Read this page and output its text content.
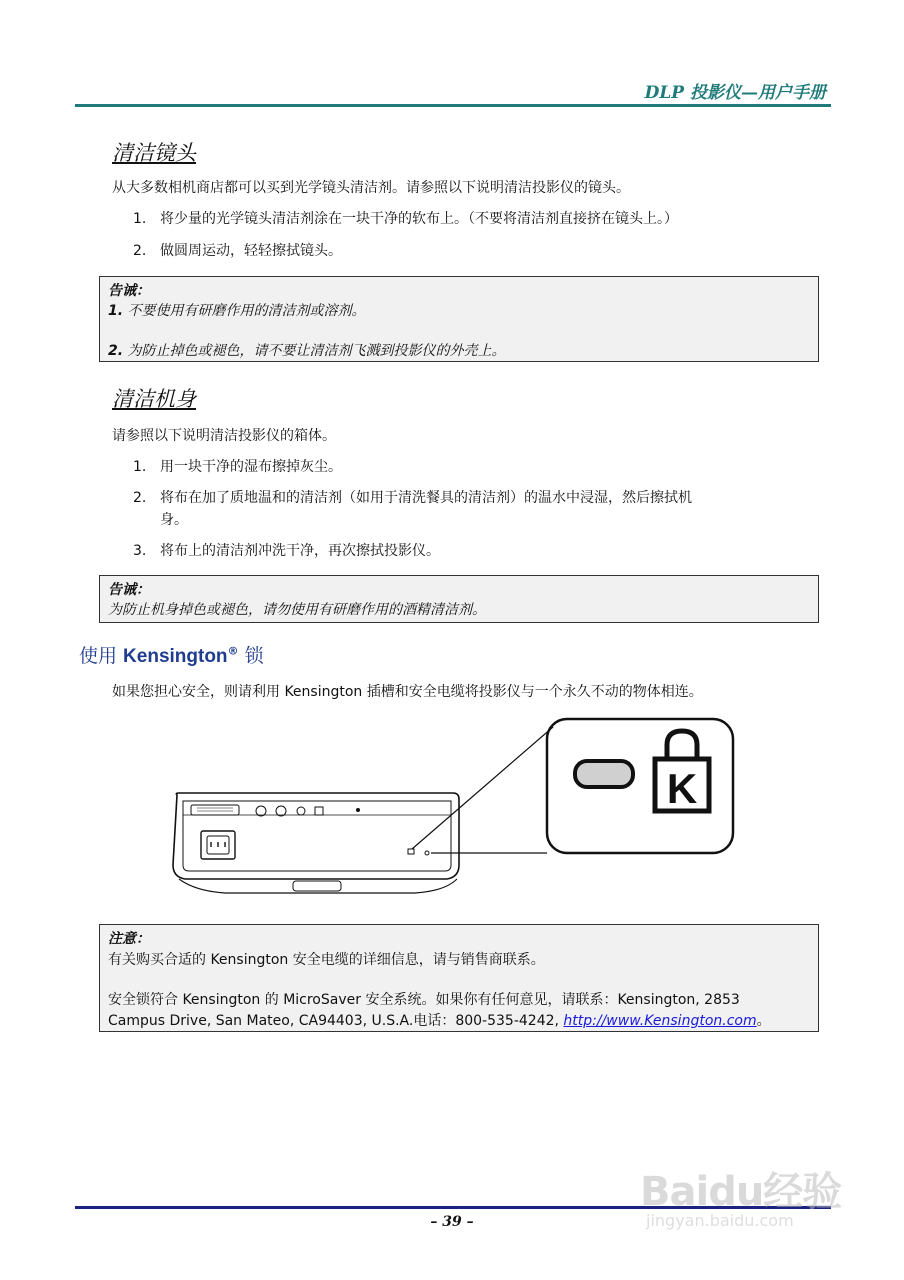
DLP 投影仪—用户手册
清洁镜头
从大多数相机商店都可以买到光学镜头清洁剂。请参照以下说明清洁投影仪的镜头。
1. 将少量的光学镜头清洁剂涂在一块干净的软布上。（不要将清洁剂直接挤在镜头上。）
2. 做圆周运动，轻轻擦拭镜头。
告诫：
1. 不要使用有研磨作用的清洁剂或溶剂。
2. 为防止掉色或褪色，请不要让清洁剂飞溅到投影仪的外壳上。
清洁机身
请参照以下说明清洁投影仪的箱体。
1. 用一块干净的湿布擦掉灰尘。
2. 将布在加了质地温和的清洁剂（如用于清洗餐具的清洁剂）的温水中浸湿，然后擦拭机
身。
3. 将布上的清洁剂冲洗干净，再次擦拭投影仪。
告诫：
为防止机身掉色或褪色，请勿使用有研磨作用的酒精清洁剂。
使用 Kensington® 锁
如果您担心安全，则请利用 Kensington 插槽和安全电缆将投影仪与一个永久不动的物体相连。
K
注意：
有关购买合适的 Kensington 安全电缆的详细信息，请与销售商联系。
安全锁符合 Kensington 的 MicroSaver 安全系统。如果你有任何意见，请联系：Kensington, 2853
Campus Drive, San Mateo, CA94403, U.S.A.电话：800-535-4242, http://www.Kensington.com。
– 39 –
Baidu经验
jingyan.baidu.com
